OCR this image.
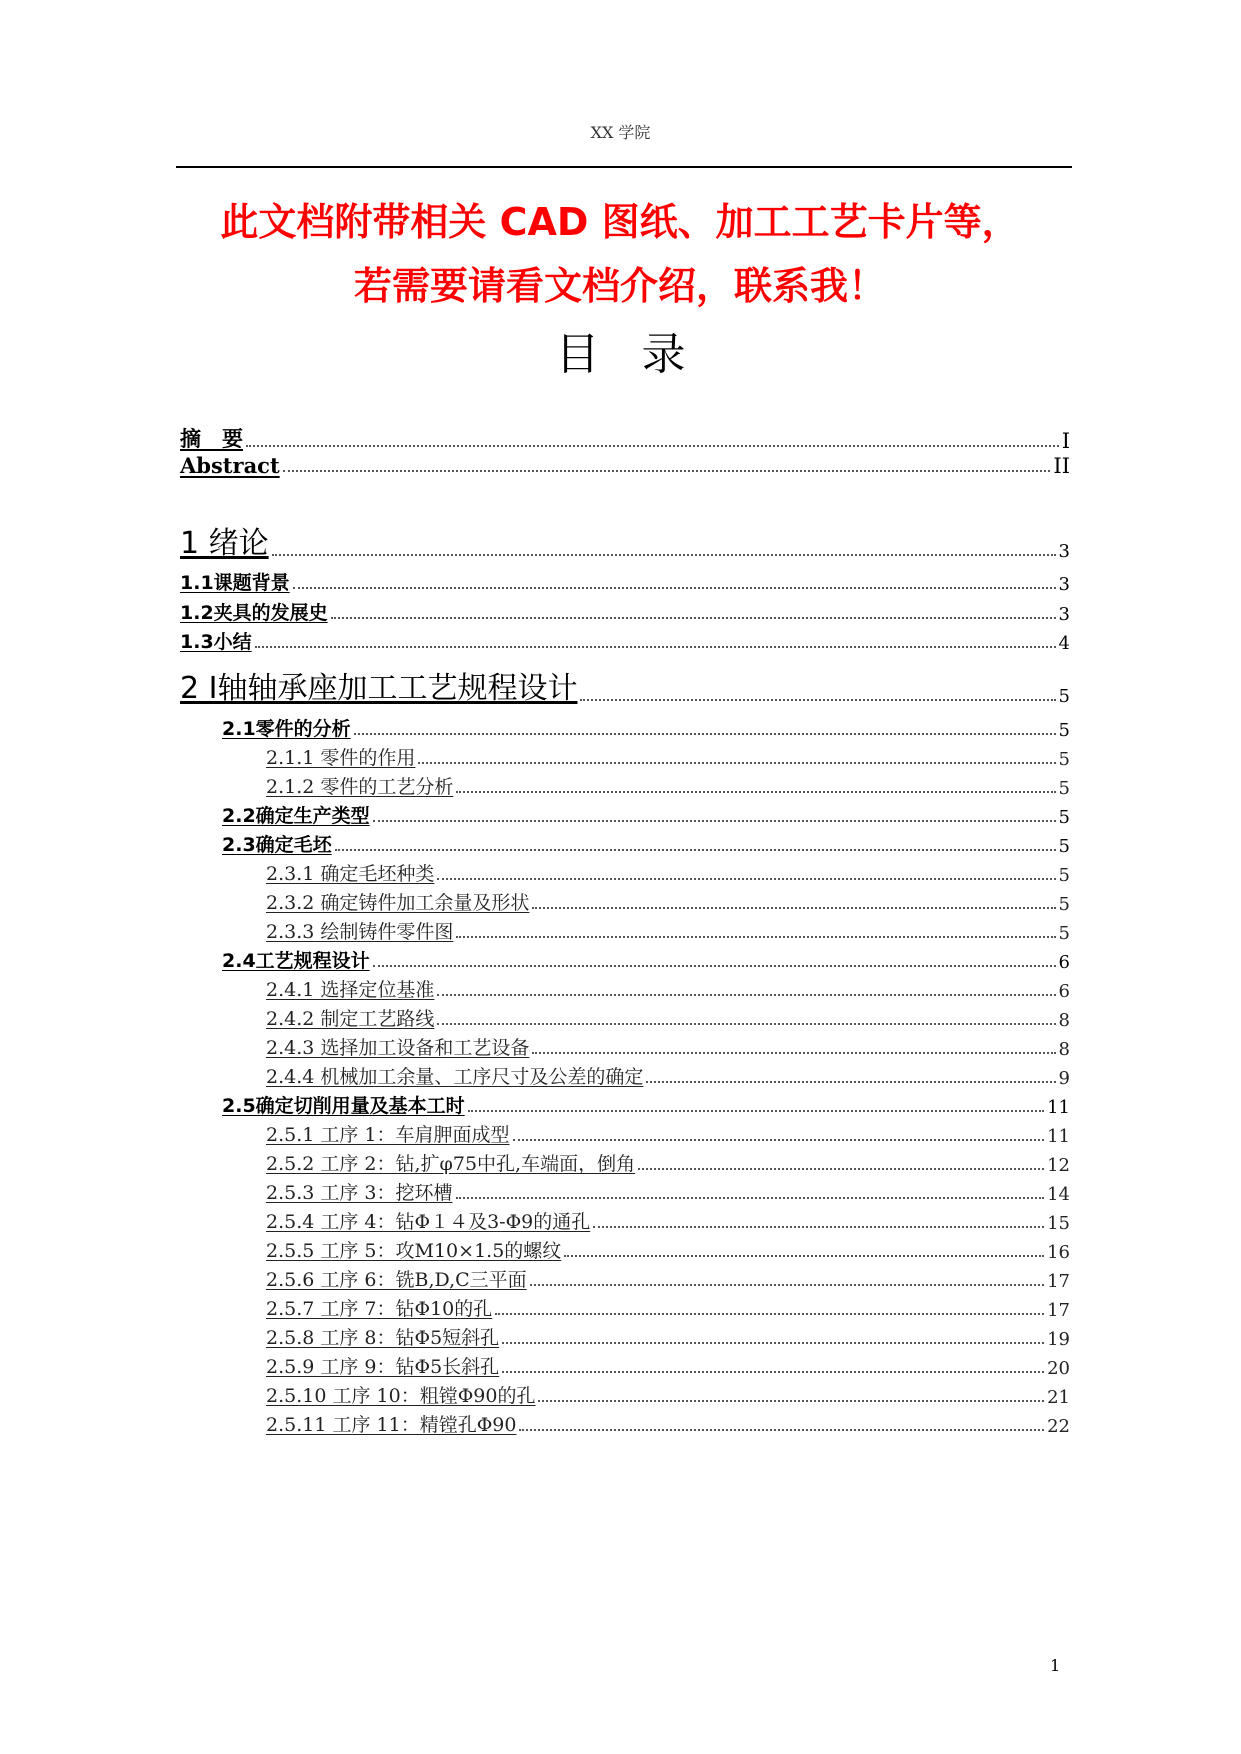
XX 学院
此文档附带相关 CAD 图纸、加工工艺卡片等，
若需要请看文档介绍，联系我！
目录
摘　要	I
Abstract	II
1 绪论	3
1.1课题背景	3
1.2夹具的发展史	3
1.3小结	4
2 I轴轴承座加工工艺规程设计	5
2.1零件的分析	5
2.1.1 零件的作用	5
2.1.2 零件的工艺分析	5
2.2确定生产类型	5
2.3确定毛坯	5
2.3.1 确定毛坯种类	5
2.3.2 确定铸件加工余量及形状	5
2.3.3 绘制铸件零件图	5
2.4工艺规程设计	6
2.4.1 选择定位基准	6
2.4.2 制定工艺路线	8
2.4.3 选择加工设备和工艺设备	8
2.4.4 机械加工余量、工序尺寸及公差的确定	9
2.5确定切削用量及基本工时	11
2.5.1 工序 1：车肩胛面成型	11
2.5.2 工序 2：钻,扩φ75中孔,车端面，倒角	12
2.5.3 工序 3：挖环槽	14
2.5.4 工序 4：钻Φ１４及3-Φ9的通孔	15
2.5.5 工序 5：攻M10×1.5的螺纹	16
2.5.6 工序 6：铣B,D,C三平面	17
2.5.7 工序 7：钻Φ10的孔	17
2.5.8 工序 8：钻Φ5短斜孔	19
2.5.9 工序 9：钻Φ5长斜孔	20
2.5.10 工序 10：粗镗Φ90的孔	21
2.5.11 工序 11：精镗孔Φ90	22
1
